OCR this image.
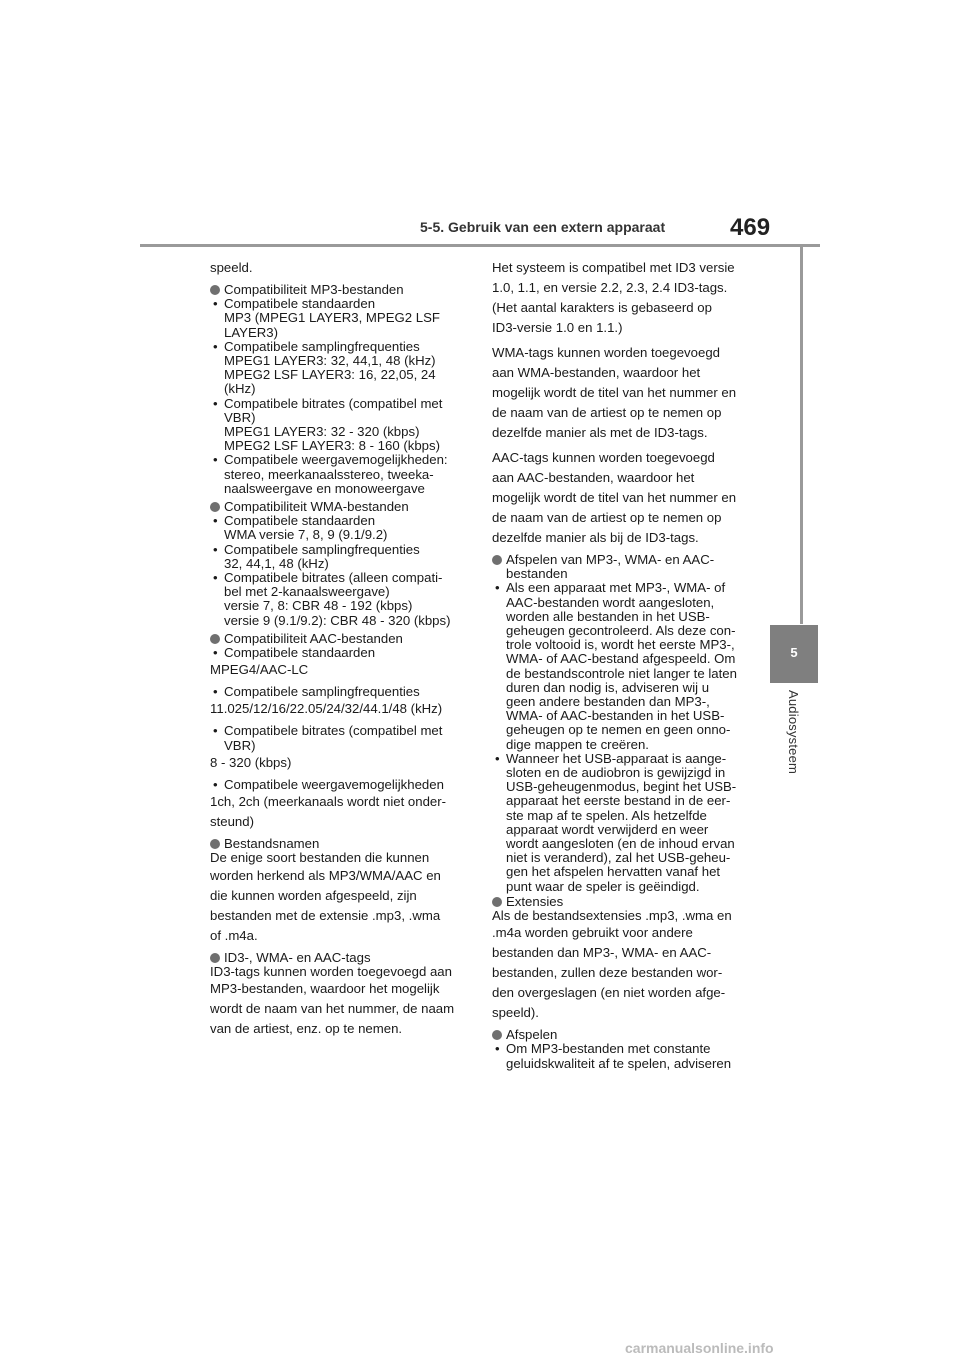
5-5. Gebruik van een extern apparaat	469
5
Audiosysteem

speeld.

Compatibiliteit MP3-bestanden
• Compatibele standaarden
MP3 (MPEG1 LAYER3, MPEG2 LSF
LAYER3)
• Compatibele samplingfrequenties
MPEG1 LAYER3: 32, 44,1, 48 (kHz)
MPEG2 LSF LAYER3: 16, 22,05, 24
(kHz)
• Compatibele bitrates (compatibel met
VBR)
MPEG1 LAYER3: 32 - 320 (kbps)
MPEG2 LSF LAYER3: 8 - 160 (kbps)
• Compatibele weergavemogelijkheden:
stereo, meerkanaalsstereo, tweeka-
naalsweergave en monoweergave
Compatibiliteit WMA-bestanden
• Compatibele standaarden
WMA versie 7, 8, 9 (9.1/9.2)
• Compatibele samplingfrequenties
32, 44,1, 48 (kHz)
• Compatibele bitrates (alleen compati-
bel met 2-kanaalsweergave)
versie 7, 8: CBR 48 - 192 (kbps)
versie 9 (9.1/9.2): CBR 48 - 320 (kbps)
Compatibiliteit AAC-bestanden
• Compatibele standaarden

MPEG4/AAC-LC

• Compatibele samplingfrequenties

11.025/12/16/22.05/24/32/44.1/48 (kHz)

• Compatibele bitrates (compatibel met
VBR)

8 - 320 (kbps)

• Compatibele weergavemogelijkheden

1ch, 2ch (meerkanaals wordt niet onder-

steund)

Bestandsnamen

De enige soort bestanden die kunnen

worden herkend als MP3/WMA/AAC en

die kunnen worden afgespeeld, zijn

bestanden met de extensie .mp3, .wma

of .m4a.

ID3-, WMA- en AAC-tags

ID3-tags kunnen worden toegevoegd aan

MP3-bestanden, waardoor het mogelijk

wordt de naam van het nummer, de naam

van de artiest, enz. op te nemen.

Het systeem is compatibel met ID3 versie

1.0, 1.1, en versie 2.2, 2.3, 2.4 ID3-tags.

(Het aantal karakters is gebaseerd op

ID3-versie 1.0 en 1.1.)

WMA-tags kunnen worden toegevoegd

aan WMA-bestanden, waardoor het

mogelijk wordt de titel van het nummer en

de naam van de artiest op te nemen op

dezelfde manier als met de ID3-tags.

AAC-tags kunnen worden toegevoegd

aan AAC-bestanden, waardoor het

mogelijk wordt de titel van het nummer en

de naam van de artiest op te nemen op

dezelfde manier als bij de ID3-tags.

Afspelen van MP3-, WMA- en AAC-
bestanden
• Als een apparaat met MP3-, WMA- of
AAC-bestanden wordt aangesloten,
worden alle bestanden in het USB-
geheugen gecontroleerd. Als deze con-
trole voltooid is, wordt het eerste MP3-,
WMA- of AAC-bestand afgespeeld. Om
de bestandscontrole niet langer te laten
duren dan nodig is, adviseren wij u
geen andere bestanden dan MP3-,
WMA- of AAC-bestanden in het USB-
geheugen op te nemen en geen onno-
dige mappen te creëren.
• Wanneer het USB-apparaat is aange-
sloten en de audiobron is gewijzigd in
USB-geheugenmodus, begint het USB-
apparaat het eerste bestand in de eer-
ste map af te spelen. Als hetzelfde
apparaat wordt verwijderd en weer
wordt aangesloten (en de inhoud ervan
niet is veranderd), zal het USB-geheu-
gen het afspelen hervatten vanaf het
punt waar de speler is geëindigd.
Extensies

Als de bestandsextensies .mp3, .wma en

.m4a worden gebruikt voor andere

bestanden dan MP3-, WMA- en AAC-

bestanden, zullen deze bestanden wor-

den overgeslagen (en niet worden afge-

speeld).

Afspelen
• Om MP3-bestanden met constante
geluidskwaliteit af te spelen, adviseren
carmanualsonline.info
